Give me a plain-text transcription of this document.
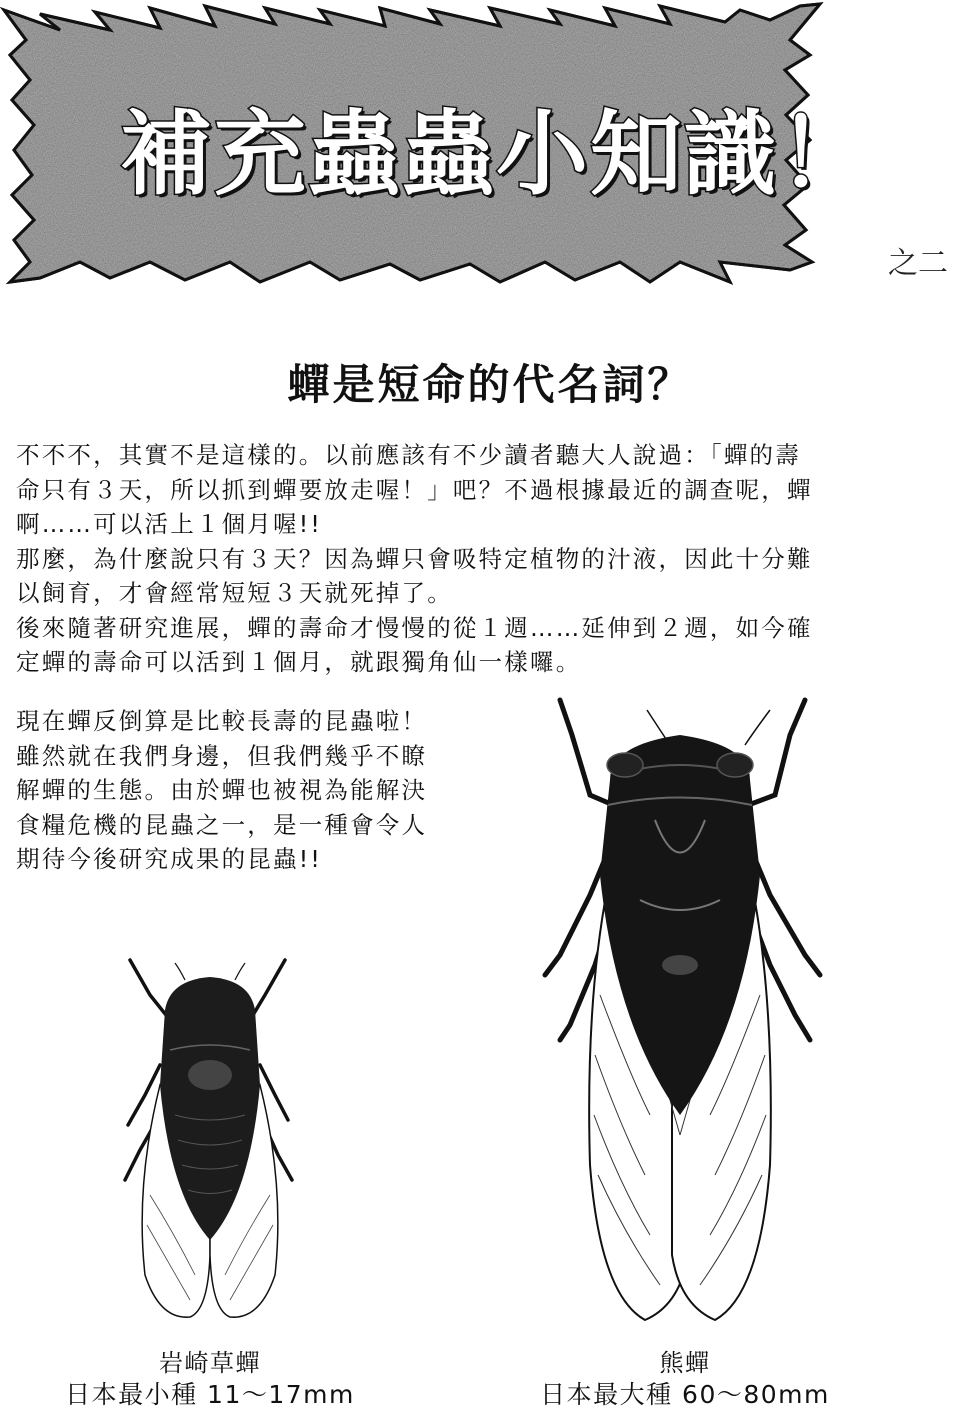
補充蟲蟲小知識！
之二
蟬是短命的代名詞？

不不不，其實不是這樣的。以前應該有不少讀者聽大人說過：「蟬的壽

命只有３天，所以抓到蟬要放走喔！」吧？不過根據最近的調查呢，蟬

啊……可以活上１個月喔!!

那麼，為什麼說只有３天？因為蟬只會吸特定植物的汁液，因此十分難

以飼育，才會經常短短３天就死掉了。

後來隨著研究進展，蟬的壽命才慢慢的從１週……延伸到２週，如今確

定蟬的壽命可以活到１個月，就跟獨角仙一樣囉。

現在蟬反倒算是比較長壽的昆蟲啦！

雖然就在我們身邊，但我們幾乎不瞭

解蟬的生態。由於蟬也被視為能解決

食糧危機的昆蟲之一，是一種會令人

期待今後研究成果的昆蟲!!

岩崎草蟬
日本最小種 11～17mm
熊蟬
日本最大種 60～80mm
